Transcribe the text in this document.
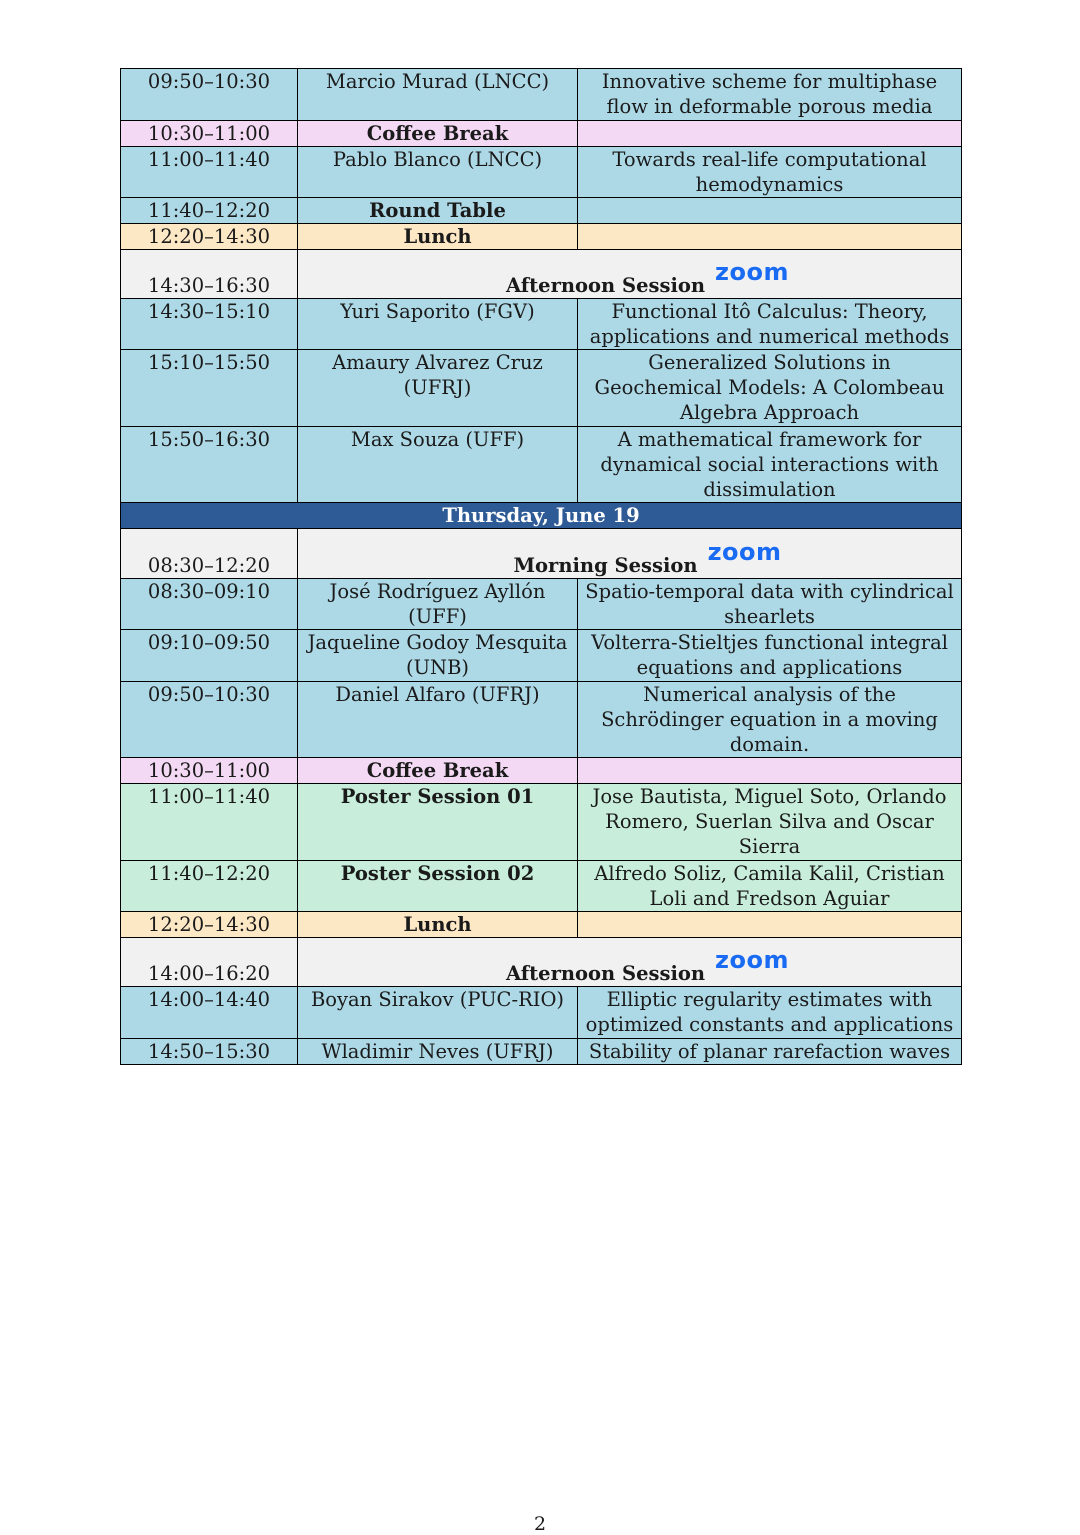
09:50–10:30	Marcio Murad (LNCC)	Innovative scheme for multiphase flow in deformable porous media
10:30–11:00	Coffee Break	
11:00–11:40	Pablo Blanco (LNCC)	Towards real-life computational hemodynamics
11:40–12:20	Round Table	
12:20–14:30	Lunch	
14:30–16:30	Afternoon Session zoom	
14:30–15:10	Yuri Saporito (FGV)	Functional Itô Calculus: Theory, applications and numerical methods
15:10–15:50	Amaury Alvarez Cruz (UFRJ)	Generalized Solutions in Geochemical Models: A Colombeau Algebra Approach
15:50–16:30	Max Souza (UFF)	A mathematical framework for dynamical social interactions with dissimulation
Thursday, June 19		
08:30–12:20	Morning Session zoom	
08:30–09:10	José Rodríguez Ayllón (UFF)	Spatio-temporal data with cylindrical shearlets
09:10–09:50	Jaqueline Godoy Mesquita (UNB)	Volterra-Stieltjes functional integral equations and applications
09:50–10:30	Daniel Alfaro (UFRJ)	Numerical analysis of the Schrödinger equation in a moving domain.
10:30–11:00	Coffee Break	
11:00–11:40	Poster Session 01	Jose Bautista, Miguel Soto, Orlando Romero, Suerlan Silva and Oscar Sierra
11:40–12:20	Poster Session 02	Alfredo Soliz, Camila Kalil, Cristian Loli and Fredson Aguiar
12:20–14:30	Lunch	
14:00–16:20	Afternoon Session zoom	
14:00–14:40	Boyan Sirakov (PUC-RIO)	Elliptic regularity estimates with optimized constants and applications
14:50–15:30	Wladimir Neves (UFRJ)	Stability of planar rarefaction waves
2
